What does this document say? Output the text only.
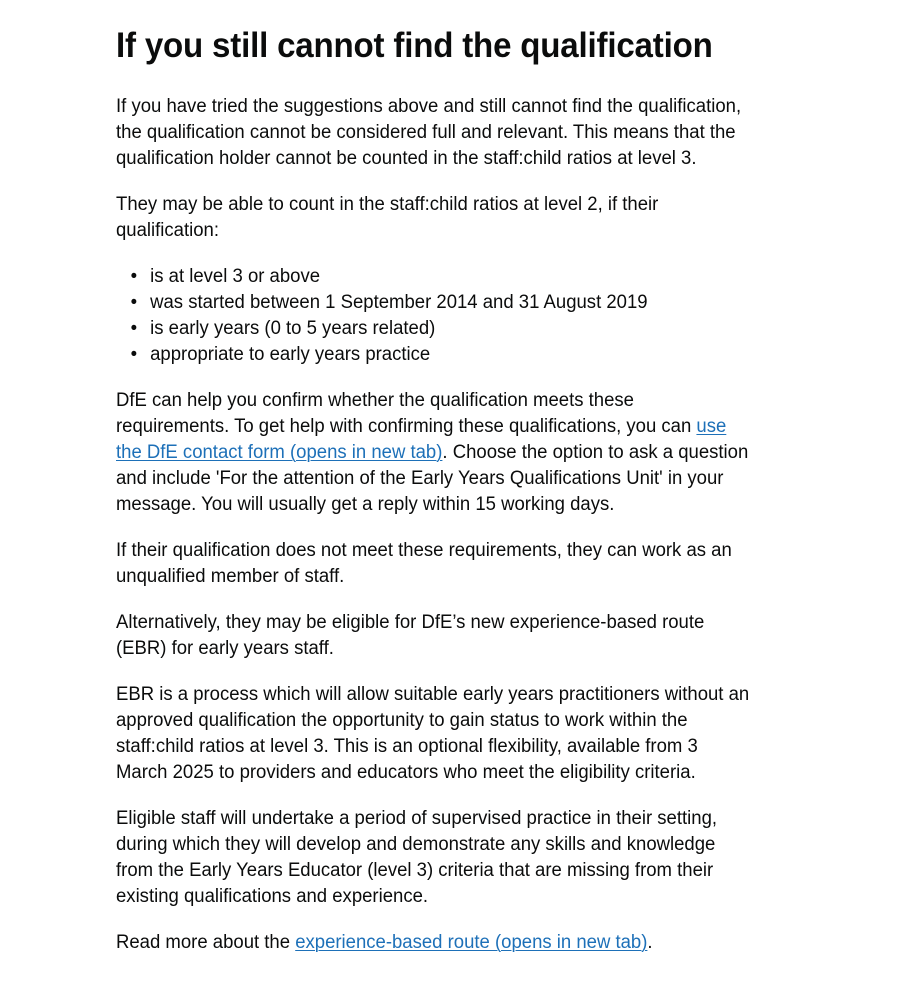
If you still cannot find the qualification

If you have tried the suggestions above and still cannot find the qualification, the qualification cannot be considered full and relevant. This means that the qualification holder cannot be counted in the staff:child ratios at level 3.

They may be able to count in the staff:child ratios at level 2, if their qualification:

• is at level 3 or above
• was started between 1 September 2014 and 31 August 2019
• is early years (0 to 5 years related)
• appropriate to early years practice

DfE can help you confirm whether the qualification meets these requirements. To get help with confirming these qualifications, you can use the DfE contact form (opens in new tab). Choose the option to ask a question and include 'For the attention of the Early Years Qualifications Unit' in your message. You will usually get a reply within 15 working days.

If their qualification does not meet these requirements, they can work as an unqualified member of staff.

Alternatively, they may be eligible for DfE’s new experience-based route (EBR) for early years staff.

EBR is a process which will allow suitable early years practitioners without an approved qualification the opportunity to gain status to work within the staff:child ratios at level 3. This is an optional flexibility, available from 3 March 2025 to providers and educators who meet the eligibility criteria.

Eligible staff will undertake a period of supervised practice in their setting, during which they will develop and demonstrate any skills and knowledge from the Early Years Educator (level 3) criteria that are missing from their existing qualifications and experience.

Read more about the experience-based route (opens in new tab).
